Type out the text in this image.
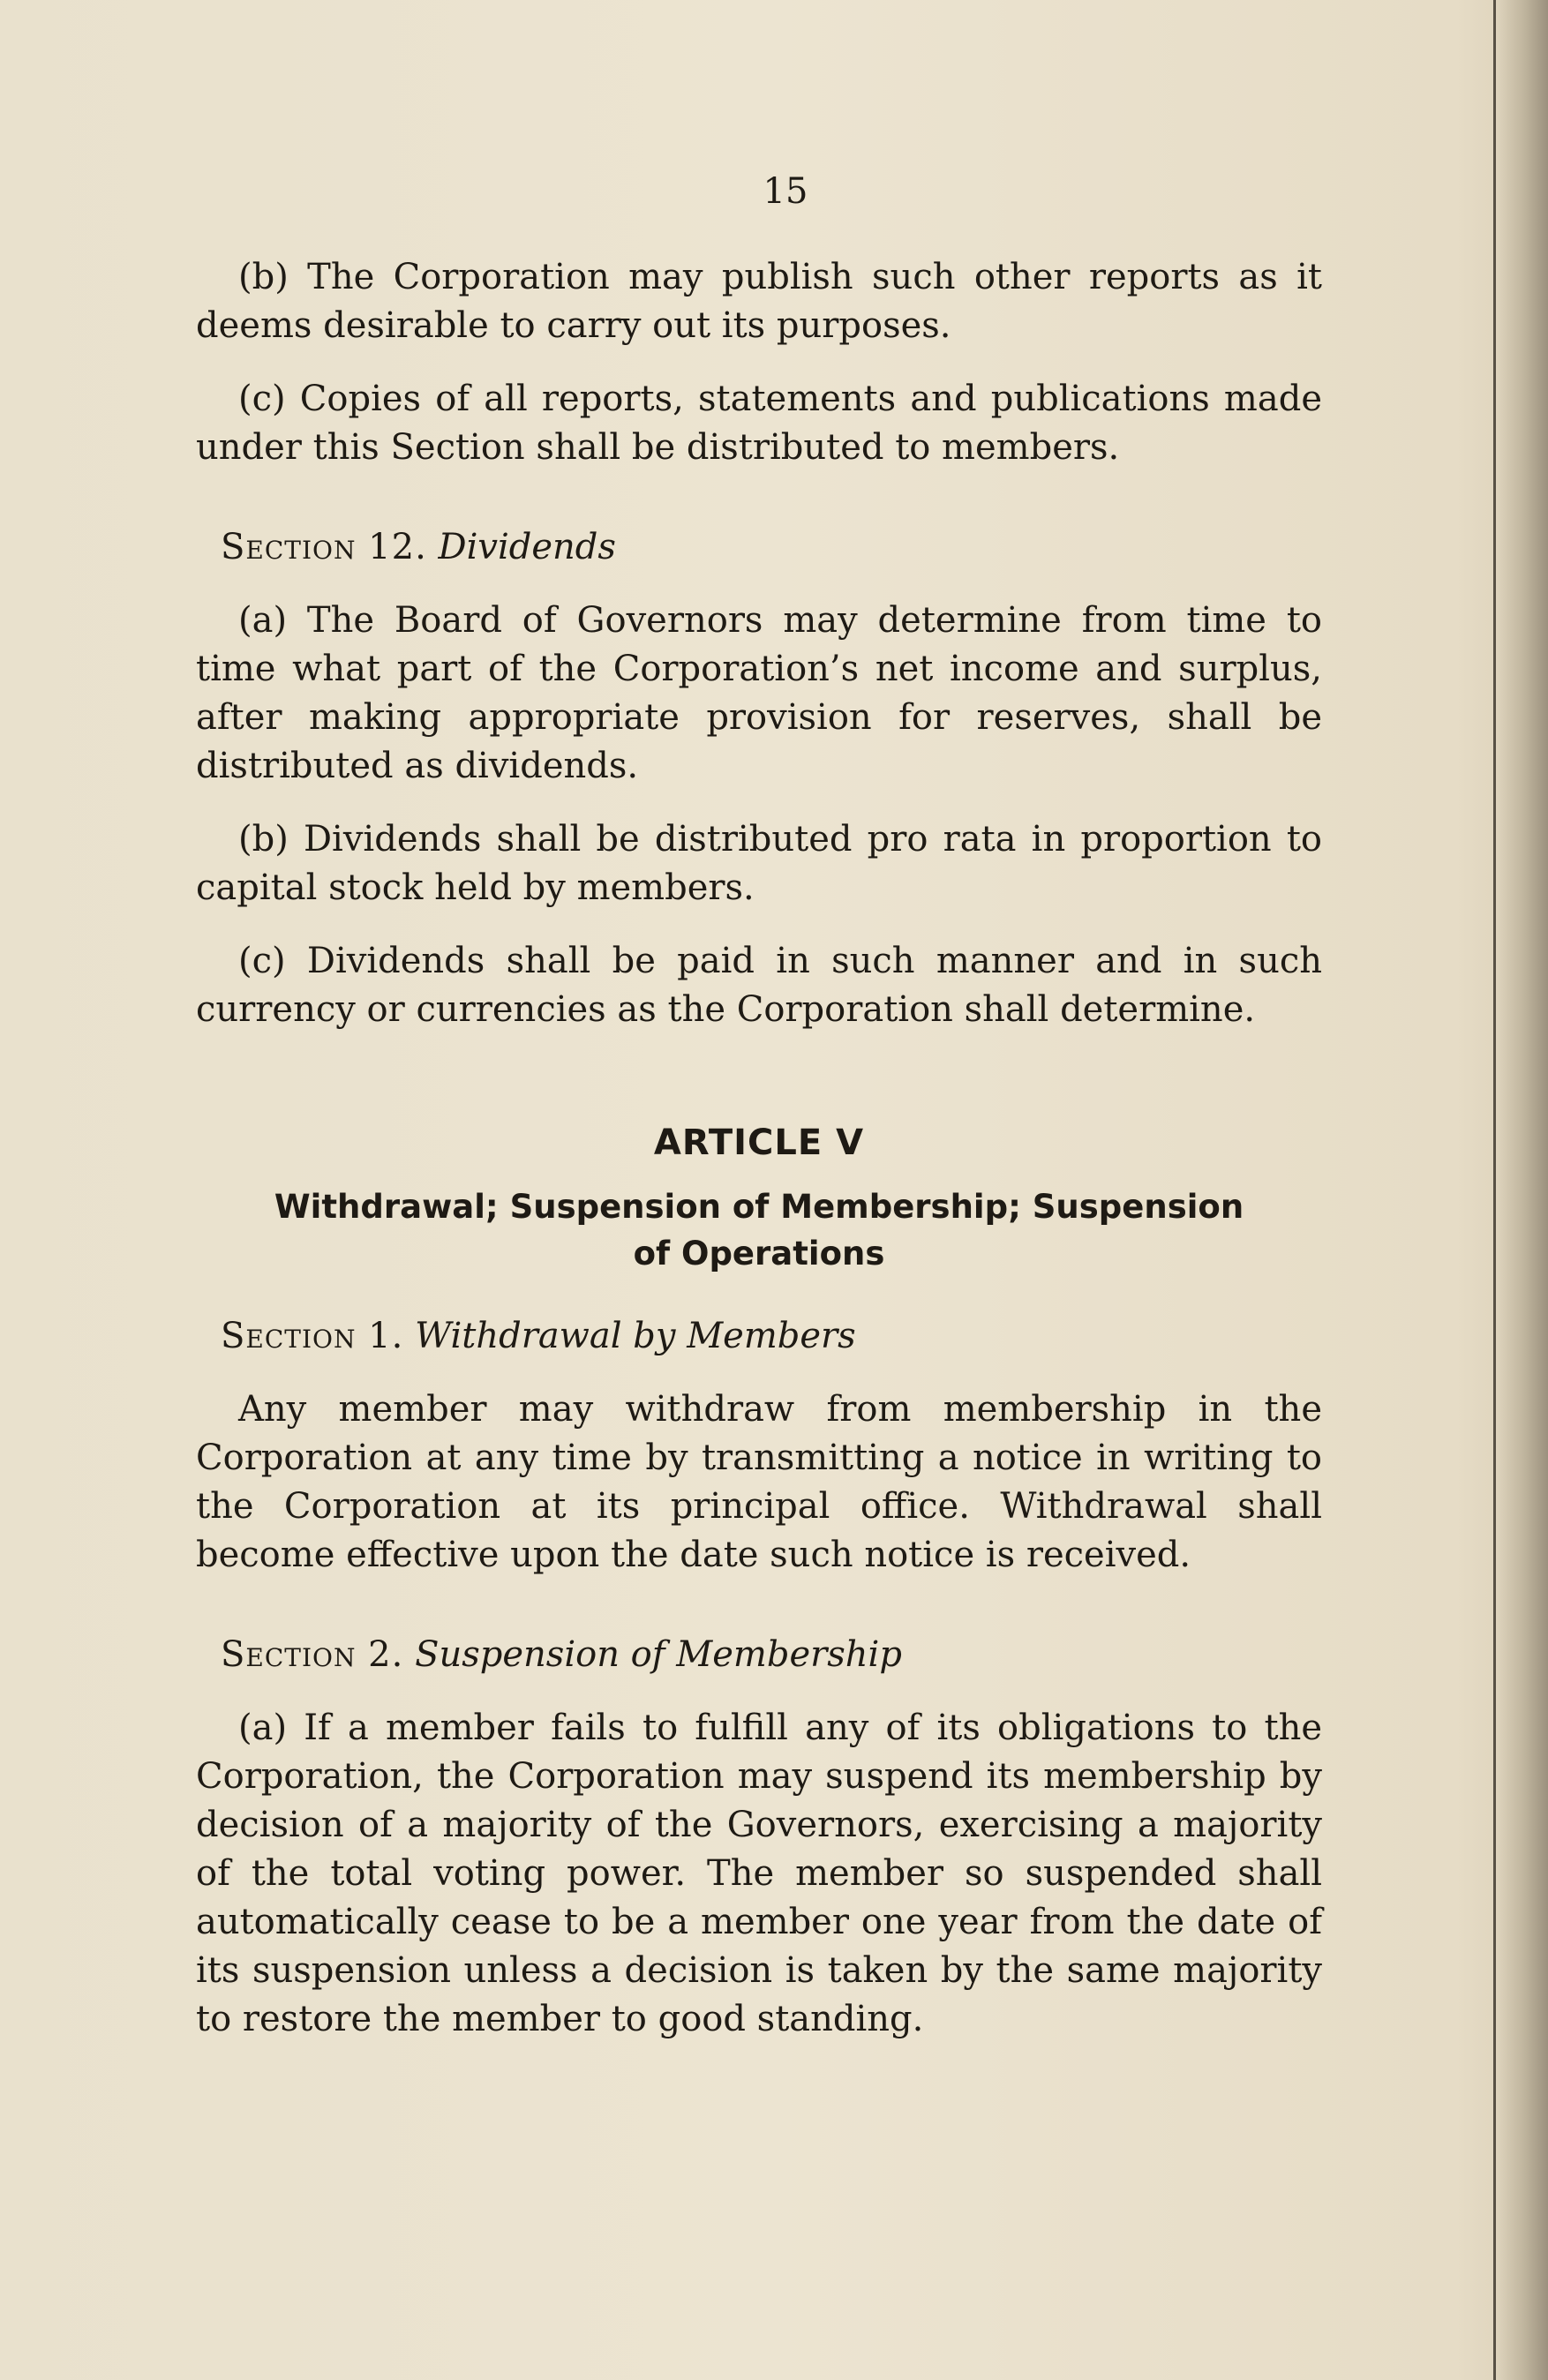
15

(b) The Corporation may publish such other reports as it deems desirable to carry out its purposes.

(c) Copies of all reports, statements and publications made under this Section shall be distributed to members.

Section 12. Dividends

(a) The Board of Governors may determine from time to time what part of the Corporation’s net income and surplus, after making appropriate provision for reserves, shall be distributed as dividends.

(b) Dividends shall be distributed pro rata in proportion to capital stock held by members.

(c) Dividends shall be paid in such manner and in such currency or currencies as the Corporation shall determine.

ARTICLE V
Withdrawal; Suspension of Membership; Suspension of Operations

Section 1. Withdrawal by Members

Any member may withdraw from membership in the Corporation at any time by transmitting a notice in writing to the Corporation at its principal office. Withdrawal shall become effective upon the date such notice is received.

Section 2. Suspension of Membership

(a) If a member fails to fulfill any of its obligations to the Corporation, the Corporation may suspend its membership by decision of a majority of the Governors, exercising a majority of the total voting power. The member so suspended shall automatically cease to be a member one year from the date of its suspension unless a decision is taken by the same majority to restore the member to good standing.
